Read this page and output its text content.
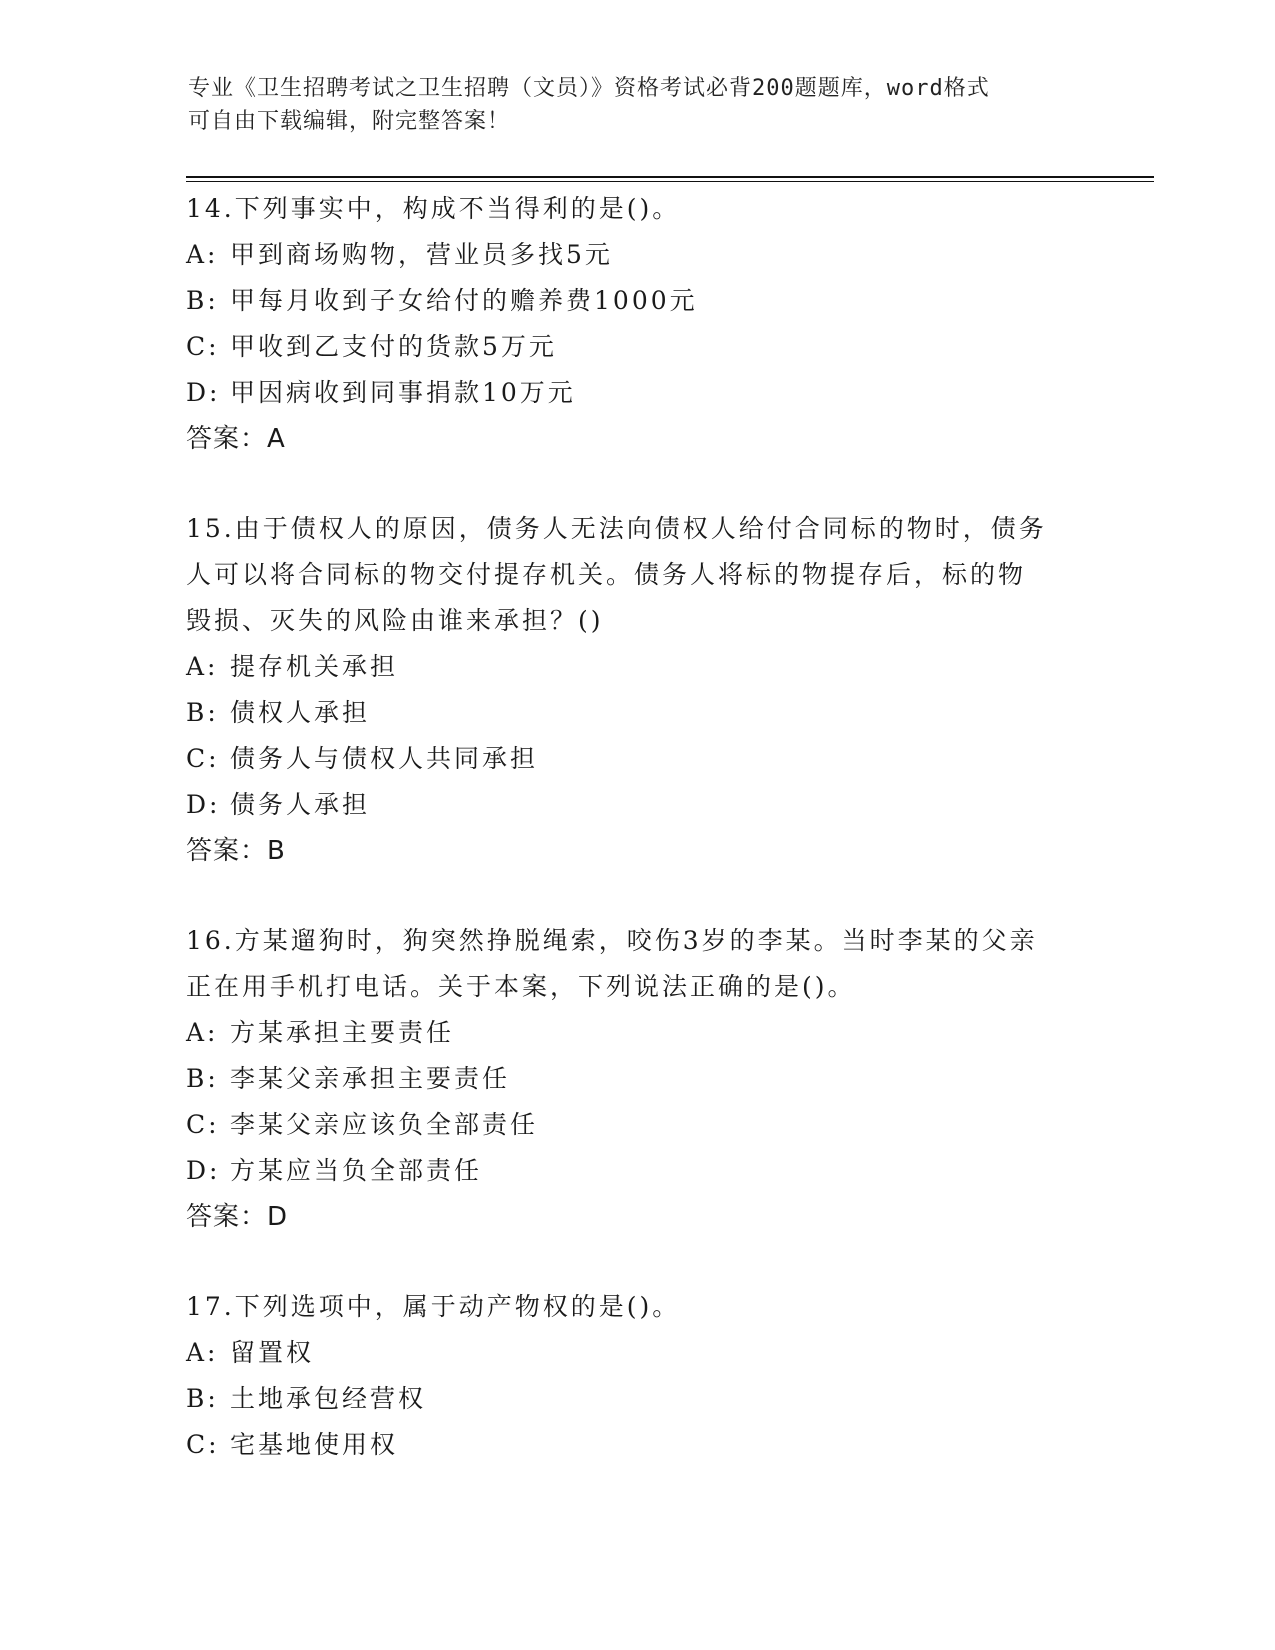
专业《卫生招聘考试之卫生招聘（文员）》资格考试必背200题题库，word格式
可自由下载编辑，附完整答案！
14.下列事实中，构成不当得利的是()。
A: 甲到商场购物，营业员多找5元
B: 甲每月收到子女给付的赡养费1000元
C: 甲收到乙支付的货款5万元
D: 甲因病收到同事捐款10万元
答案：A
15.由于债权人的原因，债务人无法向债权人给付合同标的物时，债务
人可以将合同标的物交付提存机关。债务人将标的物提存后，标的物
毁损、灭失的风险由谁来承担？()
A: 提存机关承担
B: 债权人承担
C: 债务人与债权人共同承担
D: 债务人承担
答案：B
16.方某遛狗时，狗突然挣脱绳索，咬伤3岁的李某。当时李某的父亲
正在用手机打电话。关于本案，下列说法正确的是()。
A: 方某承担主要责任
B: 李某父亲承担主要责任
C: 李某父亲应该负全部责任
D: 方某应当负全部责任
答案：D
17.下列选项中，属于动产物权的是()。
A: 留置权
B: 土地承包经营权
C: 宅基地使用权
